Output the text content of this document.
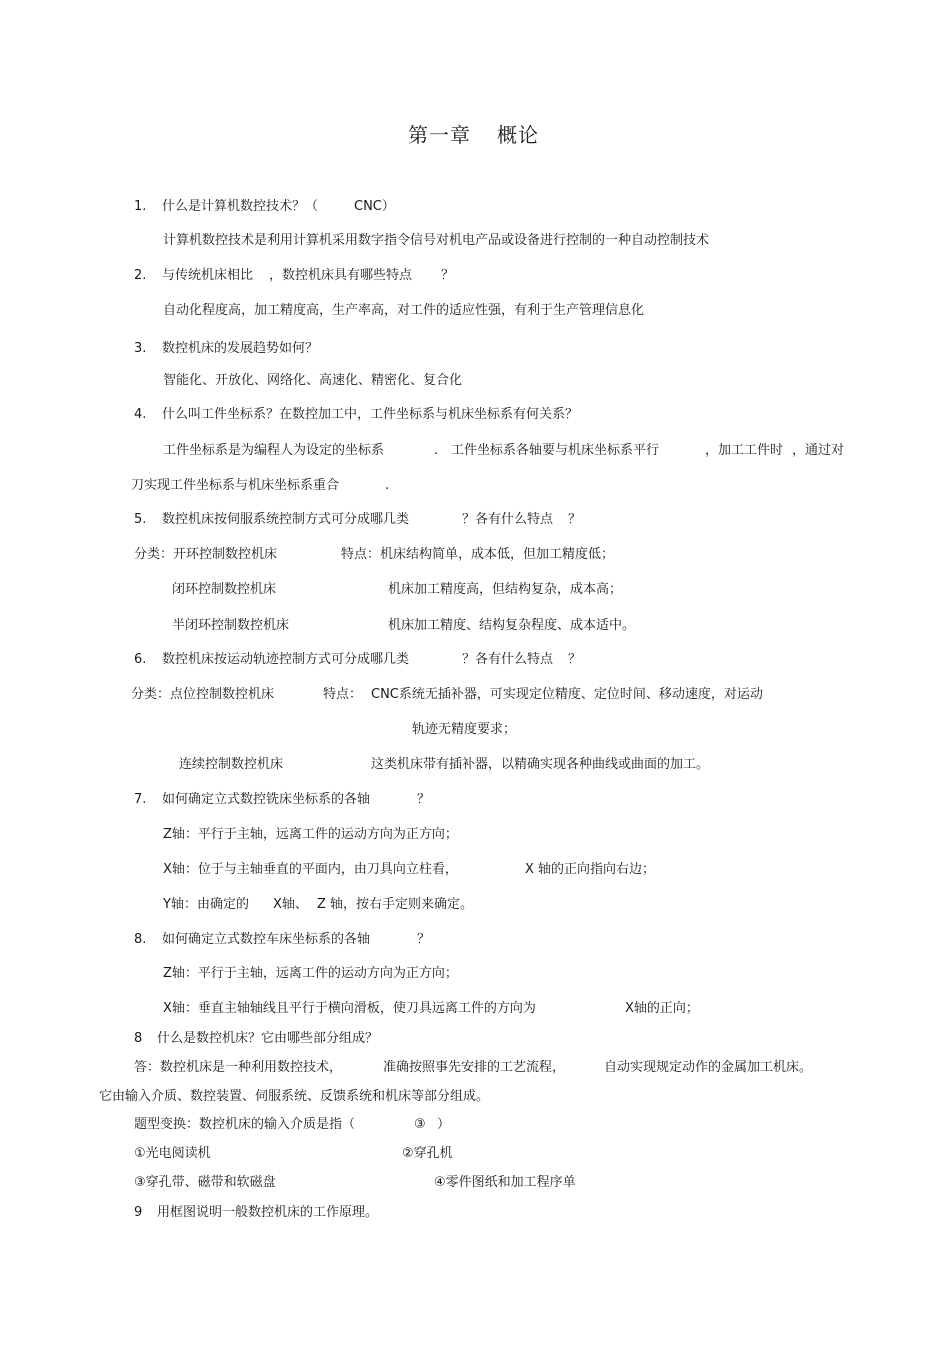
第一章 概论
1. 什么是计算机数控技术？（	CNC）
计算机数控技术是利用计算机采用数字指令信号对机电产品或设备进行控制的一种自动控制技术
2. 与传统机床相比 ，数控机床具有哪些特点 ？
自动化程度高，加工精度高，生产率高，对工件的适应性强，有利于生产管理信息化
3. 数控机床的发展趋势如何？
智能化、开放化、网络化、高速化、精密化、复合化
4. 什么叫工件坐标系？在数控加工中，工件坐标系与机床坐标系有何关系？
工件坐标系是为编程人为设定的坐标系	. 工件坐标系各轴要与机床坐标系平行	，加工工件时 ，通过对
刀实现工件坐标系与机床坐标系重合	.
5. 数控机床按伺服系统控制方式可分成哪几类	？各有什么特点 ？
分类：开环控制数控机床	特点：机床结构简单，成本低，但加工精度低；
闭环控制数控机床	机床加工精度高，但结构复杂，成本高；
半闭环控制数控机床	机床加工精度、结构复杂程度、成本适中。
6. 数控机床按运动轨迹控制方式可分成哪几类	？各有什么特点 ？
分类：点位控制数控机床	特点： CNC系统无插补器，可实现定位精度、定位时间、移动速度，对运动
轨迹无精度要求；
连续控制数控机床	这类机床带有插补器，以精确实现各种曲线或曲面的加工。
7. 如何确定立式数控铣床坐标系的各轴	？
Z轴：平行于主轴，远离工件的运动方向为正方向；
X轴：位于与主轴垂直的平面内，由刀具向立柱看，	X 轴的正向指向右边；
Y轴：由确定的 X轴、 Z 轴，按右手定则来确定。
8. 如何确定立式数控车床坐标系的各轴	？
Z轴：平行于主轴，远离工件的运动方向为正方向；
X轴：垂直主轴轴线且平行于横向滑板，使刀具远离工件的方向为	X轴的正向；
8 什么是数控机床？它由哪些部分组成？
答：数控机床是一种利用数控技术，	准确按照事先安排的工艺流程，	自动实现规定动作的金属加工机床。
它由输入介质、数控装置、伺服系统、反馈系统和机床等部分组成。
题型变换：数控机床的输入介质是指（	③ ）
①光电阅读机	②穿孔机
③穿孔带、磁带和软磁盘	④零件图纸和加工程序单
9 用框图说明一般数控机床的工作原理。
